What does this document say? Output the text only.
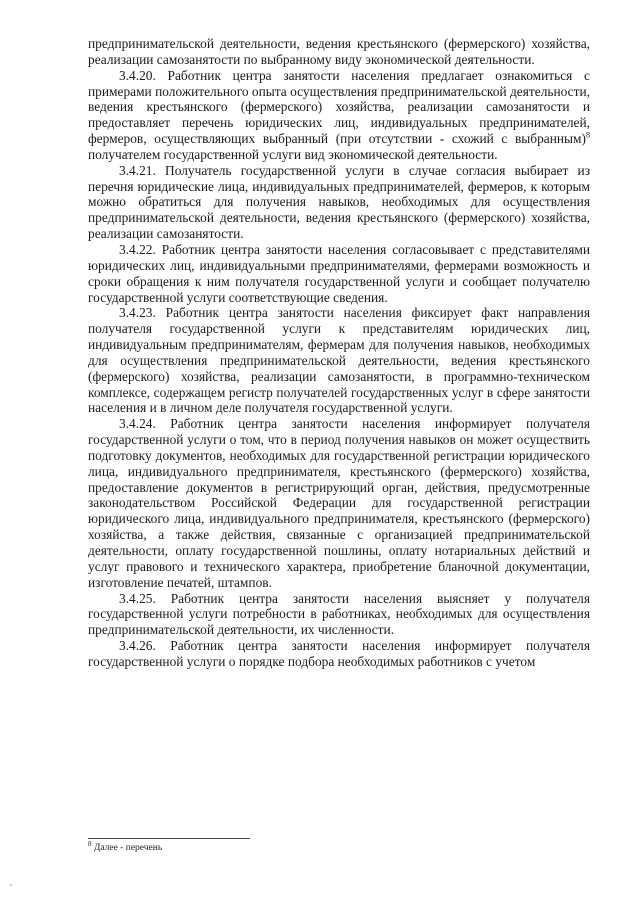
предпринимательской деятельности, ведения крестьянского (фермерского) хозяйства, реализации самозанятости по выбранному виду экономической деятельности.

3.4.20. Работник центра занятости населения предлагает ознакомиться с примерами положительного опыта осуществления предпринимательской деятельности, ведения крестьянского (фермерского) хозяйства, реализации самозанятости и предоставляет перечень юридических лиц, индивидуальных предпринимателей, фермеров, осуществляющих выбранный (при отсутствии - схожий с выбранным)$^8$ получателем государственной услуги вид экономической деятельности.

3.4.21. Получатель государственной услуги в случае согласия выбирает из перечня юридические лица, индивидуальных предпринимателей, фермеров, к которым можно обратиться для получения навыков, необходимых для осуществления предпринимательской деятельности, ведения крестьянского (фермерского) хозяйства, реализации самозанятости.

3.4.22. Работник центра занятости населения согласовывает с представителями юридических лиц, индивидуальными предпринимателями, фермерами возможность и сроки обращения к ним получателя государственной услуги и сообщает получателю государственной услуги соответствующие сведения.

3.4.23. Работник центра занятости населения фиксирует факт направления получателя государственной услуги к представителям юридических лиц, индивидуальным предпринимателям, фермерам для получения навыков, необходимых для осуществления предпринимательской деятельности, ведения крестьянского (фермерского) хозяйства, реализации самозанятости, в программно-техническом комплексе, содержащем регистр получателей государственных услуг в сфере занятости населения и в личном деле получателя государственной услуги.

3.4.24. Работник центра занятости населения информирует получателя государственной услуги о том, что в период получения навыков он может осуществить подготовку документов, необходимых для государственной регистрации юридического лица, индивидуального предпринимателя, крестьянского (фермерского) хозяйства, предоставление документов в регистрирующий орган, действия, предусмотренные законодательством Российской Федерации для государственной регистрации юридического лица, индивидуального предпринимателя, крестьянского (фермерского) хозяйства, а также действия, связанные с организацией предпринимательской деятельности, оплату государственной пошлины, оплату нотариальных действий и услуг правового и технического характера, приобретение бланочной документации, изготовление печатей, штампов.

3.4.25. Работник центра занятости населения выясняет у получателя государственной услуги потребности в работниках, необходимых для осуществления предпринимательской деятельности, их численности.

3.4.26. Работник центра занятости населения информирует получателя государственной услуги о порядке подбора необходимых работников с учетом

$^8$ Далее - перечень
